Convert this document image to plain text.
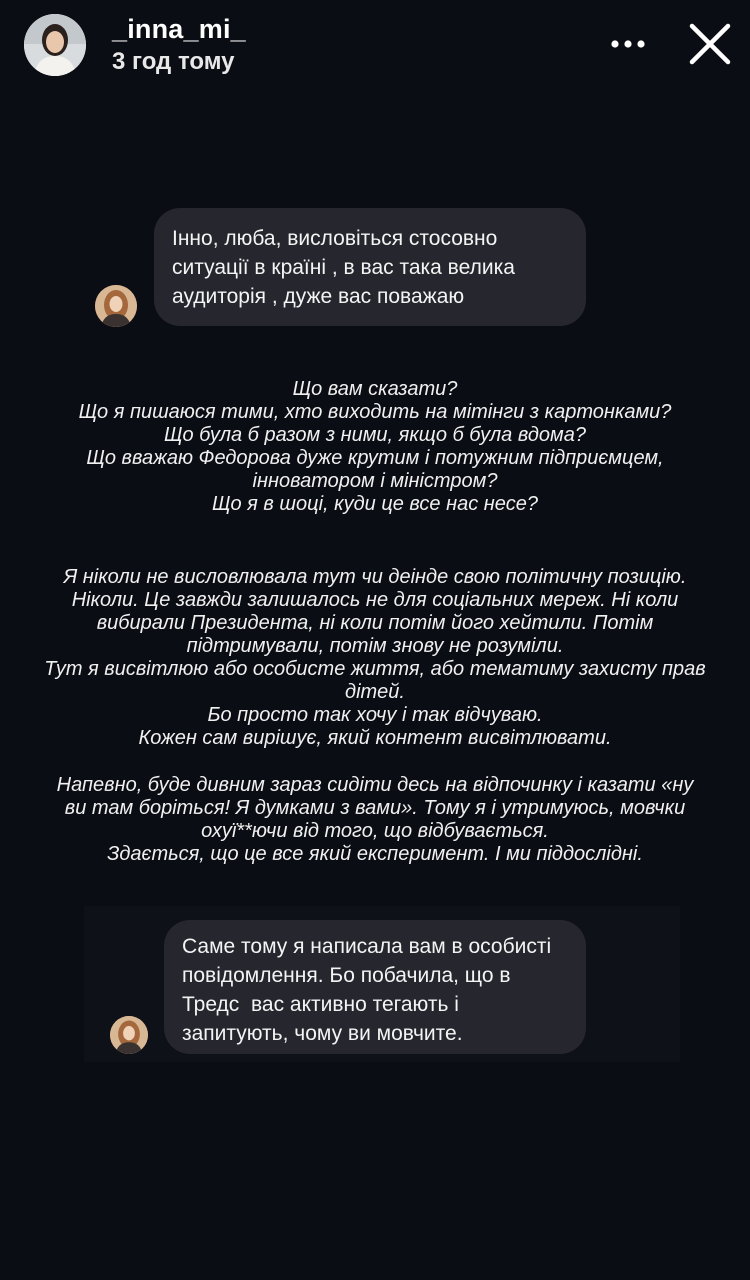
_inna_mi_
3 год тому
Інно, люба, висловіться стосовно
ситуації в країні , в вас така велика
аудиторія , дуже вас поважаю
Що вам сказати?
Що я пишаюся тими, хто виходить на мітінги з картонками?
Що була б разом з ними, якщо б була вдома?
Що вважаю Федорова дуже крутим і потужним підприємцем,
інноватором і міністром?
Що я в шоці, куди це все нас несе?
Я ніколи не висловлювала тут чи деінде свою політичну позицію.
Ніколи. Це завжди залишалось не для соціальних мереж. Ні коли
вибирали Президента, ні коли потім його хейтили. Потім
підтримували, потім знову не розуміли.
Тут я висвітлюю або особисте життя, або тематиму захисту прав
дітей.
Бо просто так хочу і так відчуваю.
Кожен сам вирішує, який контент висвітлювати.
Напевно, буде дивним зараз сидіти десь на відпочинку і казати «ну
ви там боріться! Я думками з вами». Тому я і утримуюсь, мовчки
охуї**ючи від того, що відбувається.
Здається, що це все який експеримент. І ми піддослідні.
Саме тому я написала вам в особисті
повідомлення. Бо побачила, що в
Тредс  вас активно тегають і
запитують, чому ви мовчите.
